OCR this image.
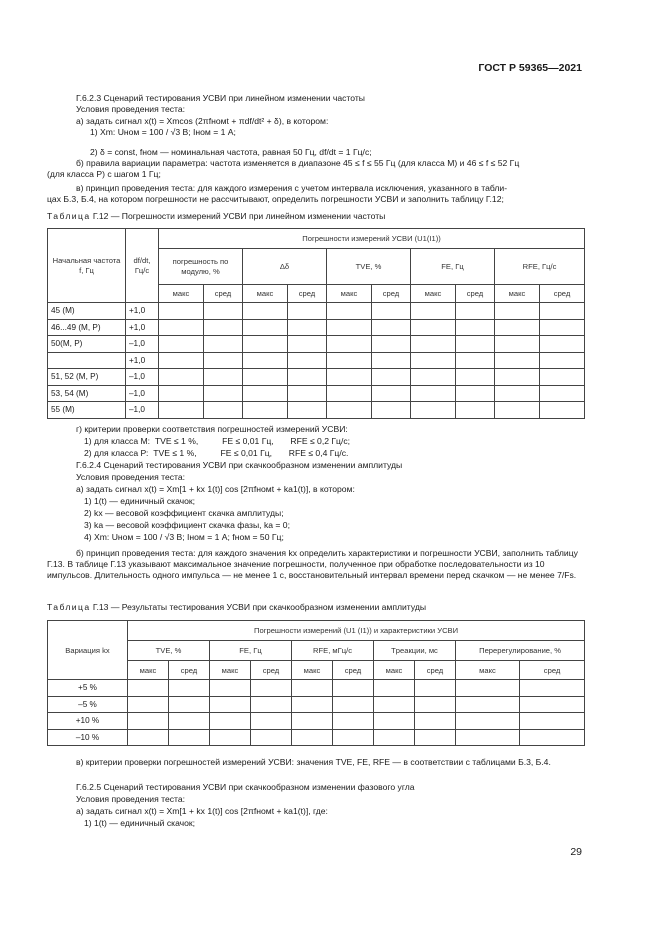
ГОСТ Р 59365—2021
Г.6.2.3 Сценарий тестирования УСВИ при линейном изменении частоты
Условия проведения теста:
а) задать сигнал x(t) = Xmcos (2πfномt + πdf/dt² + δ), в котором:
1) Xm: Uном = 100 / √3 В; Iном = 1 А;
2) δ = const, fном — номинальная частота, равная 50 Гц, df/dt = 1 Гц/с;
б) правила вариации параметра: частота изменяется в диапазоне 45 ≤ f ≤ 55 Гц (для класса М) и 46 ≤ f ≤ 52 Гц
(для класса Р) с шагом 1 Гц;
в) принцип проведения теста: для каждого измерения с учетом интервала исключения, указанного в табли-
цах Б.3, Б.4, на котором погрешности не рассчитывают, определить погрешности УСВИ и заполнить таблицу Г.12;
Таблица Г.12 — Погрешности измерений УСВИ при линейном изменении частоты
Начальная частота f, Гц	df/dt, Гц/с	Погрешности измерений УСВИ (U1(I1))									
		погрешность по модулю, %		Δδ		TVE, %		FE, Гц		RFE, Гц/с	
		макс	сред	макс	сред	макс	сред	макс	сред	макс	сред
45 (М)	+1,0										
46...49 (М, Р)	+1,0										
50(М, Р)	–1,0										
	+1,0										
51, 52 (М, Р)	–1,0										
53, 54 (М)	–1,0										
55 (М)	–1,0										
г) критерии проверки соответствия погрешностей измерений УСВИ:
1) для класса М:  TVE ≤ 1 %,          FE ≤ 0,01 Гц,       RFE ≤ 0,2 Гц/с;
2) для класса Р:  TVE ≤ 1 %,          FE ≤ 0,01 Гц,       RFE ≤ 0,4 Гц/с.
Г.6.2.4 Сценарий тестирования УСВИ при скачкообразном изменении амплитуды
Условия проведения теста:
а) задать сигнал x(t) = Xm[1 + kx 1(t)] cos [2πfномt + ka1(t)], в котором:
1) 1(t) — единичный скачок;
2) kx — весовой коэффициент скачка амплитуды;
3) ka — весовой коэффициент скачка фазы, ka = 0;
4) Xm: Uном = 100 / √3 В; Iном = 1 А; fном = 50 Гц;
б) принцип проведения теста: для каждого значения kx определить характеристики и погрешности УСВИ, заполнить таблицу Г.13. В таблице Г.13 указывают максимальное значение погрешности, полученное при обработке последовательности из 10 импульсов. Длительность одного импульса — не менее 1 с, восстановительный интервал времени перед скачком — не менее 7/Fs.
Таблица Г.13 — Результаты тестирования УСВИ при скачкообразном изменении амплитуды
Вариация kx	Погрешности измерений (U1 (I1)) и характеристики УСВИ									
	TVE, %		FE, Гц		RFE, мГц/с		Tреакции, мс		Перерегулирование, %	
	макс	сред	макс	сред	макс	сред	макс	сред	макс	сред
+5 %										
–5 %										
+10 %										
–10 %										
в) критерии проверки погрешностей измерений УСВИ: значения TVE, FE, RFE — в соответствии с таблицами Б.3, Б.4.
Г.6.2.5 Сценарий тестирования УСВИ при скачкообразном изменении фазового угла
Условия проведения теста:
а) задать сигнал x(t) = Xm[1 + kx 1(t)] cos [2πfномt + ka1(t)], где:
1) 1(t) — единичный скачок;
29
